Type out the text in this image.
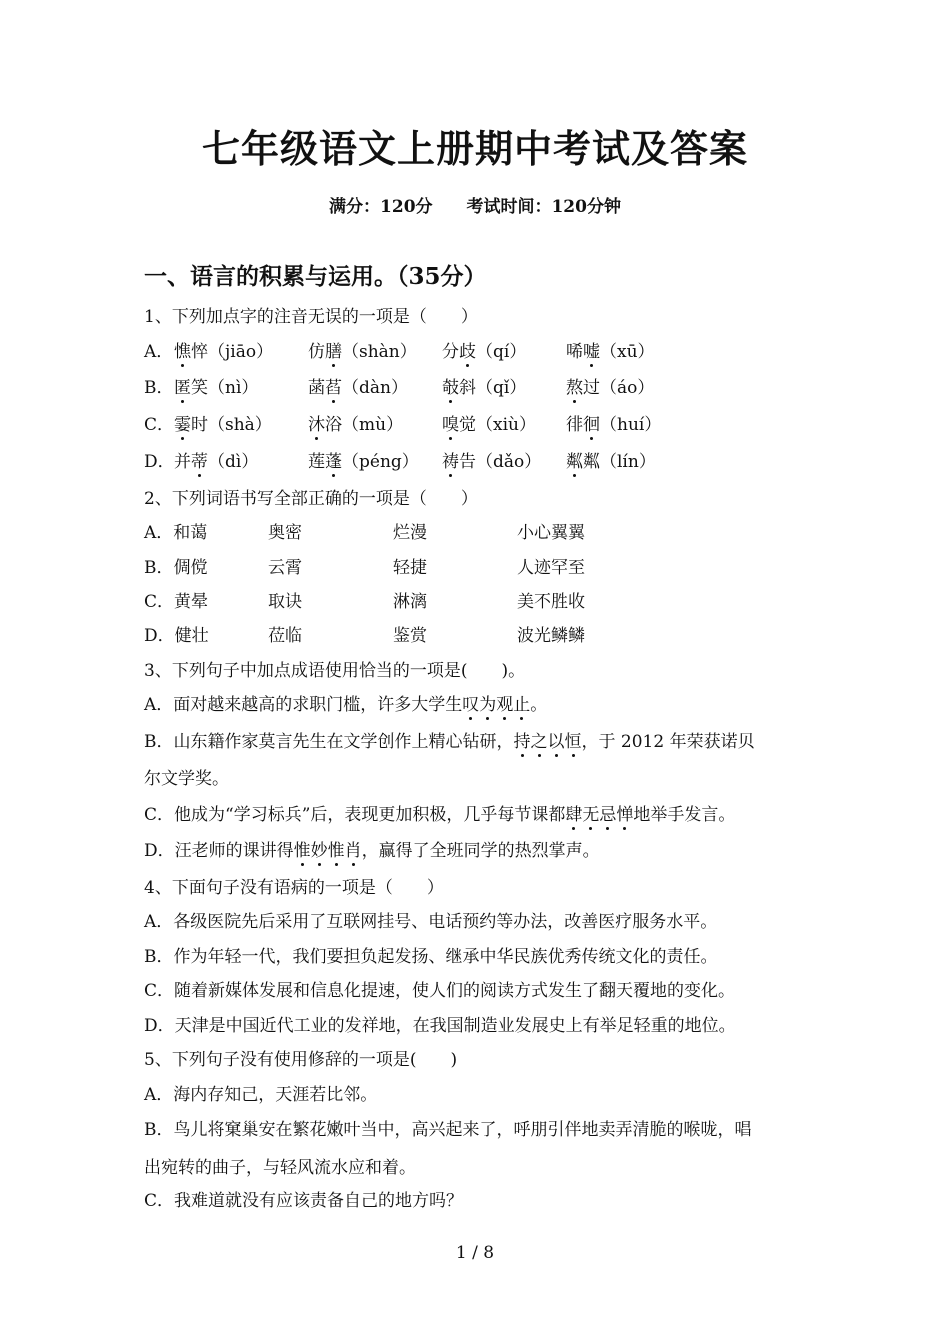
七年级语文上册期中考试及答案
满分：120分 考试时间：120分钟
一、语言的积累与运用。（35分）
1、下列加点字的注音无误的一项是（　　）
A． 憔悴（jiāo） 仿膳（shàn） 分歧（qí） 唏嘘（xū）
B． 匿笑（nì）	菡萏（dàn） 攲斜（qǐ） 熬过（áo）
C． 霎时（shà） 沐浴（mù） 嗅觉（xiù） 徘徊（huí）
D． 并蒂（dì）	莲蓬（péng） 祷告（dǎo） 粼粼（lín）
2、下列词语书写全部正确的一项是（　　）
A．和蔼	奥密	烂漫	小心翼翼
B．倜傥	云霄	轻捷	人迹罕至
C．黄晕	取诀	淋漓	美不胜收
D．健壮	莅临	鉴赏	波光鳞鳞
3、下列句子中加点成语使用恰当的一项是(　　)。
A．面对越来越高的求职门槛，许多大学生叹为观止。
B．山东籍作家莫言先生在文学创作上精心钻研，持之以恒，于 2012 年荣获诺贝
尔文学奖。
C．他成为“学习标兵”后，表现更加积极，几乎每节课都肆无忌惮地举手发言。
D．汪老师的课讲得惟妙惟肖，赢得了全班同学的热烈掌声。
4、下面句子没有语病的一项是（　　）
A．各级医院先后采用了互联网挂号、电话预约等办法，改善医疗服务水平。
B．作为年轻一代，我们要担负起发扬、继承中华民族优秀传统文化的责任。
C．随着新媒体发展和信息化提速，使人们的阅读方式发生了翻天覆地的变化。
D．天津是中国近代工业的发祥地，在我国制造业发展史上有举足轻重的地位。
5、下列句子没有使用修辞的一项是(　　)
A．海内存知己，天涯若比邻。
B．鸟儿将窠巢安在繁花嫩叶当中，高兴起来了，呼朋引伴地卖弄清脆的喉咙，唱
出宛转的曲子，与轻风流水应和着。
C．我难道就没有应该责备自己的地方吗？
1 / 8
